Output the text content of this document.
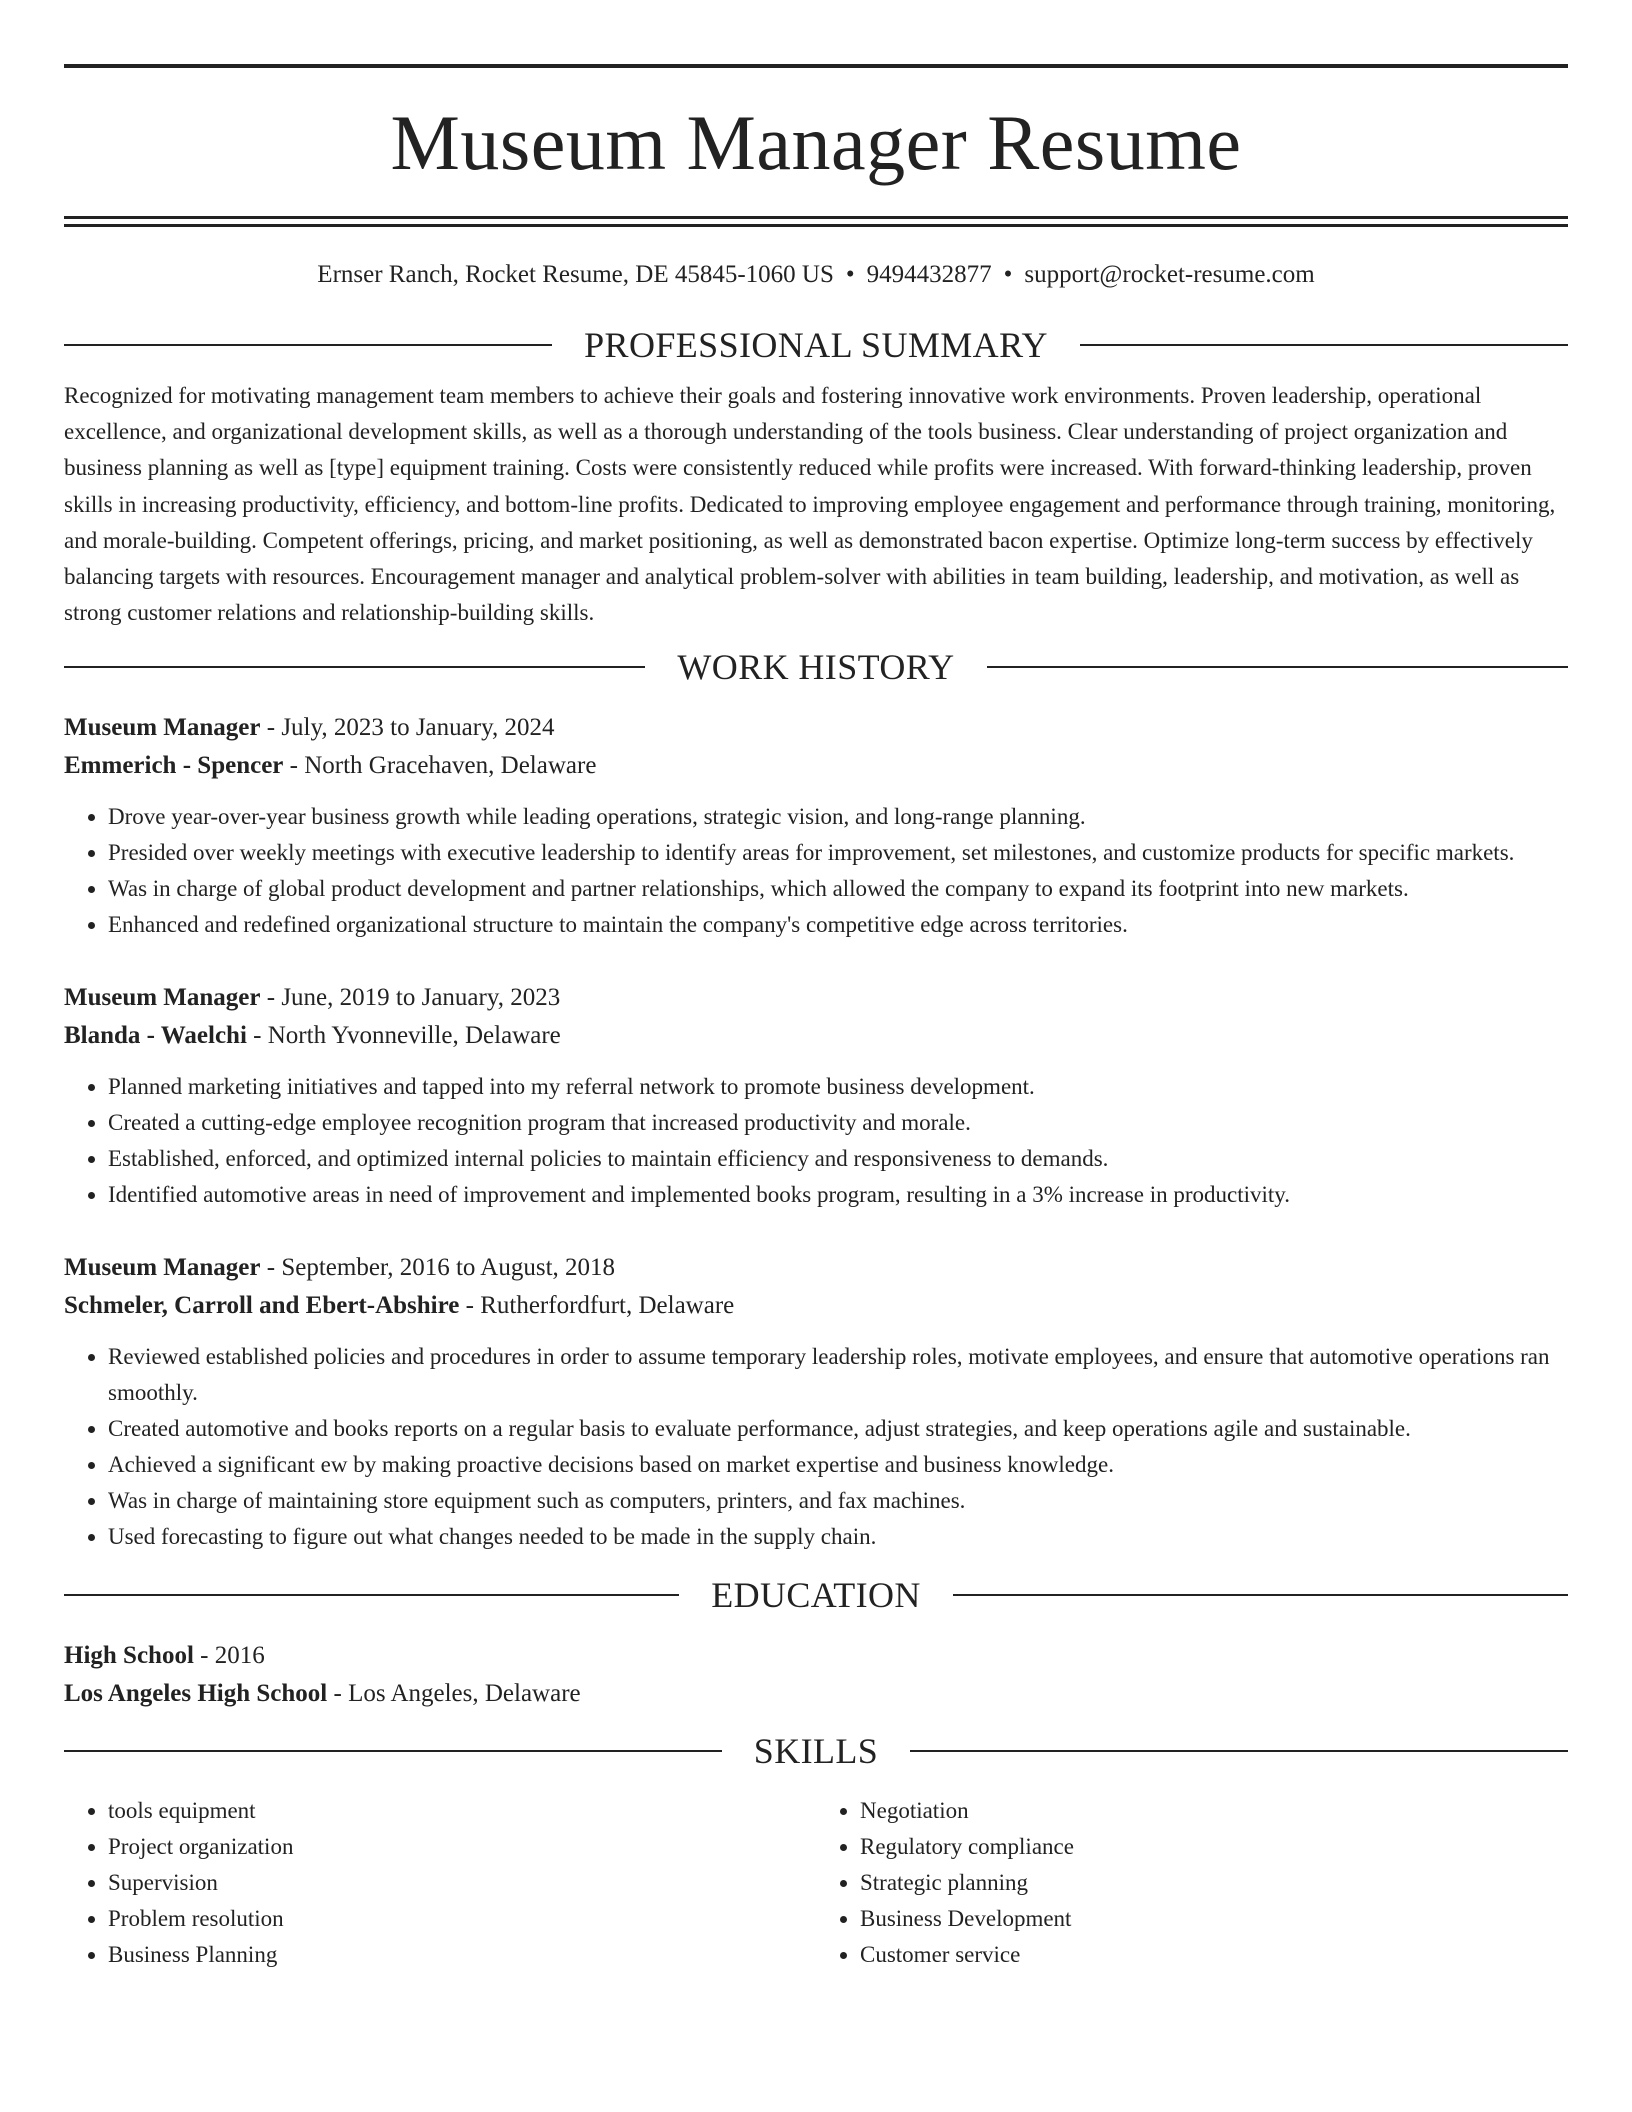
Museum Manager Resume
Ernser Ranch, Rocket Resume, DE 45845-1060 US • 9494432877 • support@rocket-resume.com
PROFESSIONAL SUMMARY

Recognized for motivating management team members to achieve their goals and fostering innovative work environments. Proven leadership, operational excellence, and organizational development skills, as well as a thorough understanding of the tools business. Clear understanding of project organization and business planning as well as [type] equipment training. Costs were consistently reduced while profits were increased. With forward-thinking leadership, proven skills in increasing productivity, efficiency, and bottom-line profits. Dedicated to improving employee engagement and performance through training, monitoring, and morale-building. Competent offerings, pricing, and market positioning, as well as demonstrated bacon expertise. Optimize long-term success by effectively balancing targets with resources. Encouragement manager and analytical problem-solver with abilities in team building, leadership, and motivation, as well as strong customer relations and relationship-building skills.

WORK HISTORY
Museum Manager - July, 2023 to January, 2024
Emmerich - Spencer - North Gracehaven, Delaware
• Drove year-over-year business growth while leading operations, strategic vision, and long-range planning.
• Presided over weekly meetings with executive leadership to identify areas for improvement, set milestones, and customize products for specific markets.
• Was in charge of global product development and partner relationships, which allowed the company to expand its footprint into new markets.
• Enhanced and redefined organizational structure to maintain the company's competitive edge across territories.
Museum Manager - June, 2019 to January, 2023
Blanda - Waelchi - North Yvonneville, Delaware
• Planned marketing initiatives and tapped into my referral network to promote business development.
• Created a cutting-edge employee recognition program that increased productivity and morale.
• Established, enforced, and optimized internal policies to maintain efficiency and responsiveness to demands.
• Identified automotive areas in need of improvement and implemented books program, resulting in a 3% increase in productivity.
Museum Manager - September, 2016 to August, 2018
Schmeler, Carroll and Ebert-Abshire - Rutherfordfurt, Delaware
• Reviewed established policies and procedures in order to assume temporary leadership roles, motivate employees, and ensure that automotive operations ran smoothly.
• Created automotive and books reports on a regular basis to evaluate performance, adjust strategies, and keep operations agile and sustainable.
• Achieved a significant ew by making proactive decisions based on market expertise and business knowledge.
• Was in charge of maintaining store equipment such as computers, printers, and fax machines.
• Used forecasting to figure out what changes needed to be made in the supply chain.
EDUCATION
High School - 2016
Los Angeles High School - Los Angeles, Delaware
SKILLS
• tools equipment
• Project organization
• Supervision
• Problem resolution
• Business Planning
• Negotiation
• Regulatory compliance
• Strategic planning
• Business Development
• Customer service
